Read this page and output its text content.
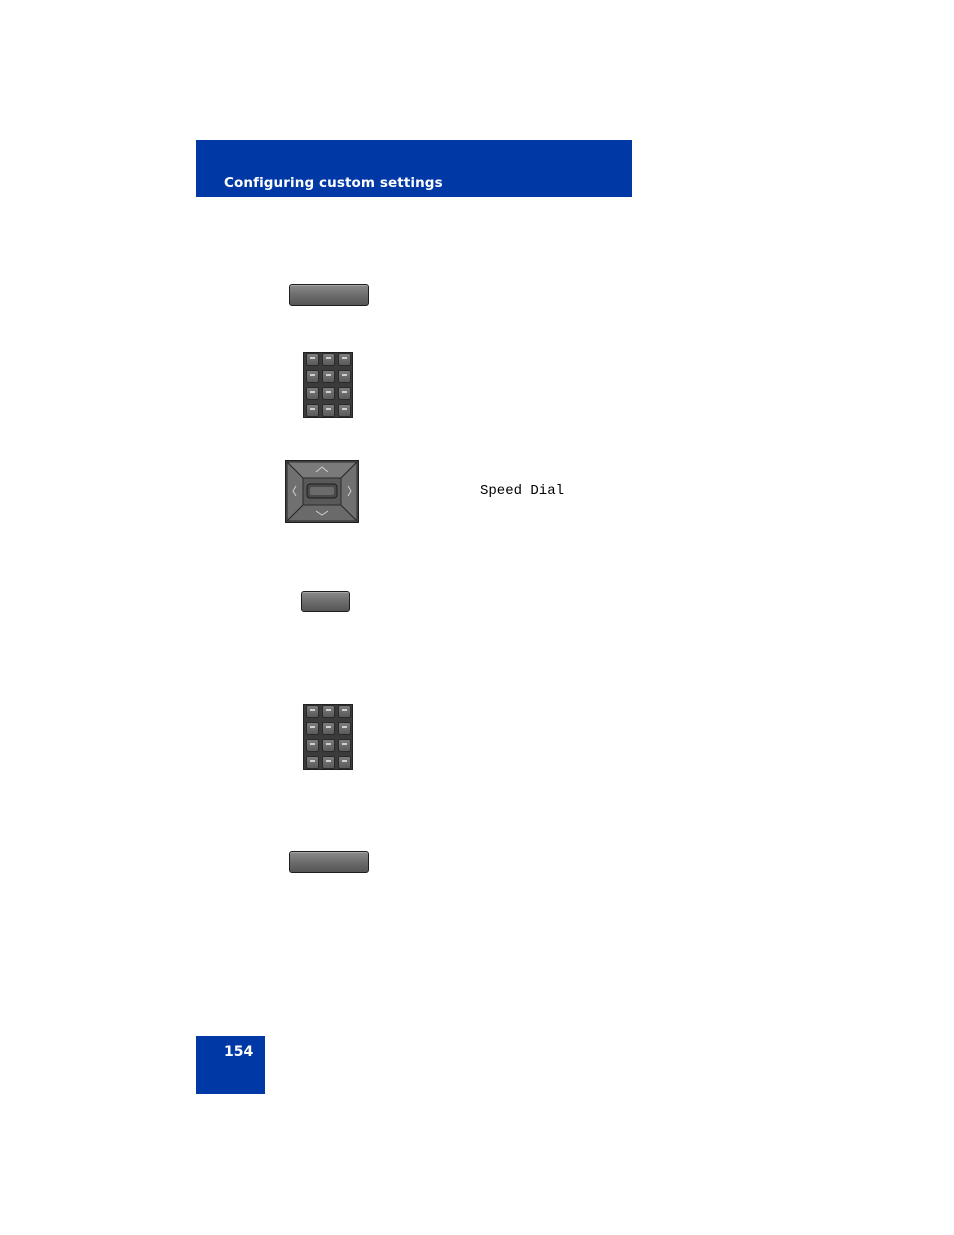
Configuring custom settings
Speed Dial
154
